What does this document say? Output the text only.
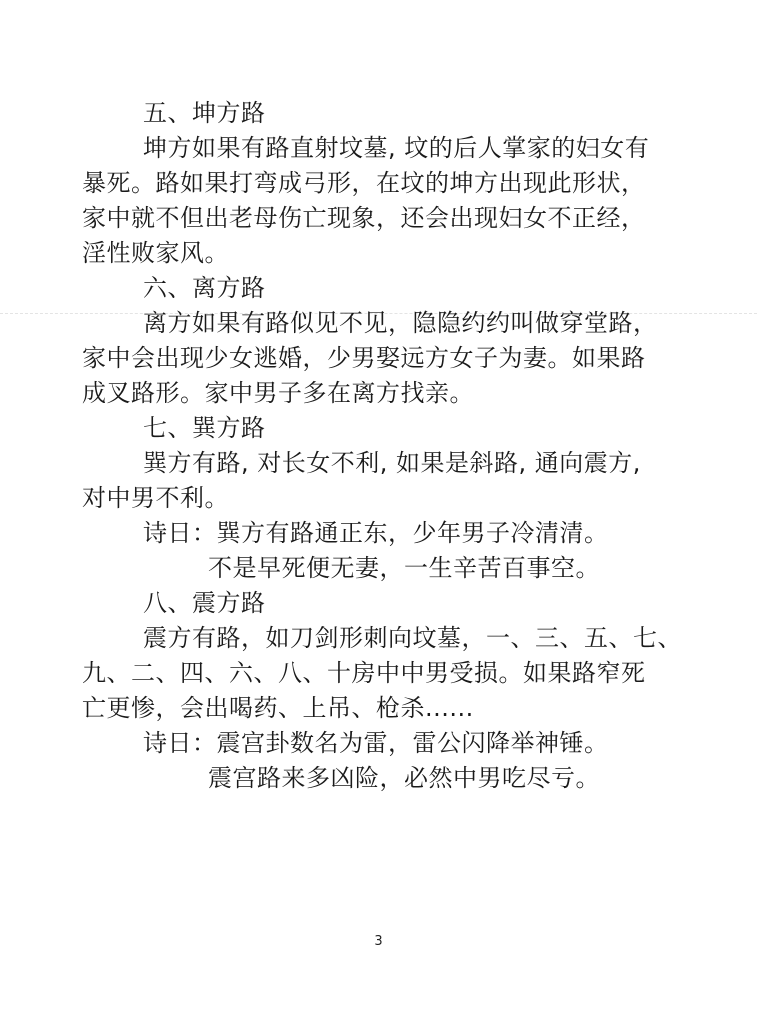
五、坤方路
坤方如果有路直射坟墓, 坟的后人掌家的妇女有
暴死。路如果打弯成弓形，在坟的坤方出现此形状，
家中就不但出老母伤亡现象，还会出现妇女不正经，
淫性败家风。
六、离方路
离方如果有路似见不见，隐隐约约叫做穿堂路，
家中会出现少女逃婚，少男娶远方女子为妻。如果路
成叉路形。家中男子多在离方找亲。
七、巽方路
巽方有路, 对长女不利, 如果是斜路, 通向震方,
对中男不利。
诗日：巽方有路通正东，少年男子冷清清。
不是早死便无妻，一生辛苦百事空。
八、震方路
震方有路，如刀剑形刺向坟墓，一、三、五、七、
九、二、四、六、八、十房中中男受损。如果路窄死
亡更惨，会出喝药、上吊、枪杀......
诗日：震宫卦数名为雷，雷公闪降举神锤。
震宫路来多凶险，必然中男吃尽亏。
3
